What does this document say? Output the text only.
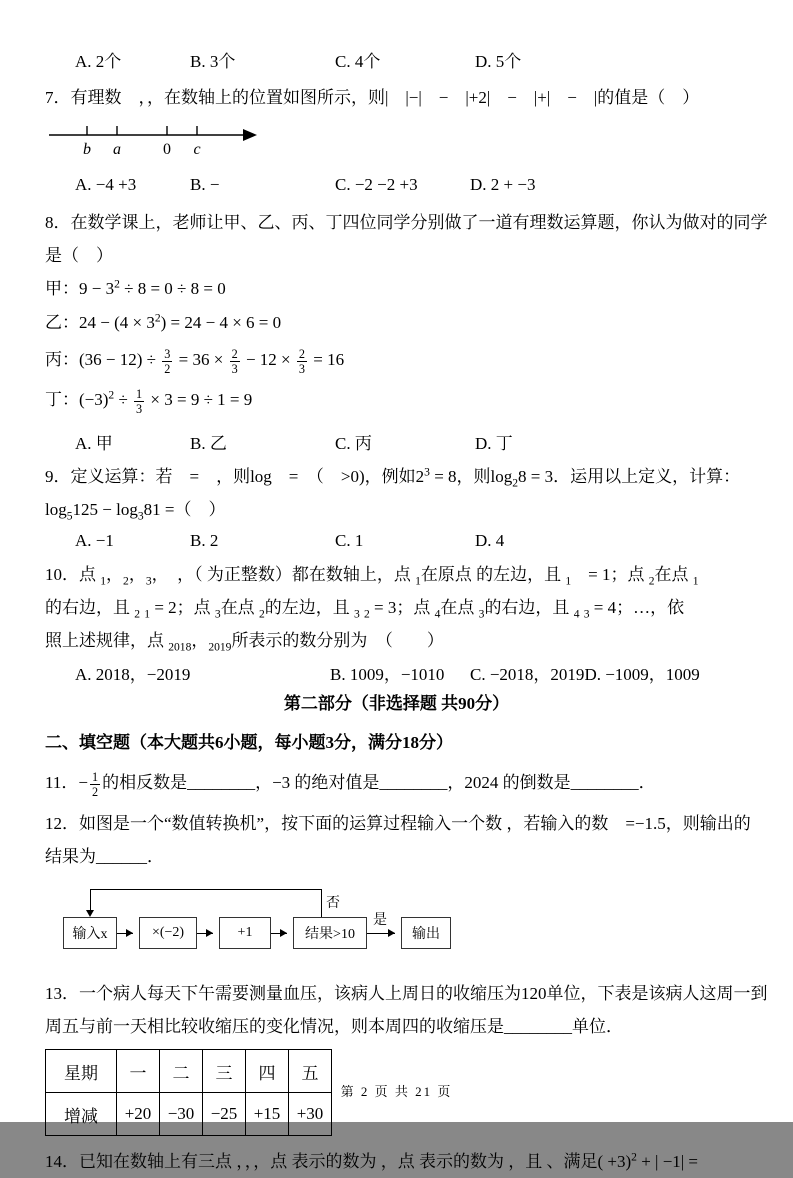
A. 2个	B. 3个	C. 4个	D. 5个
7．有理数　，，在数轴上的位置如图所示，则|　|−|　−　|+2|　−　|+|　−　|的值是（　）
b a	0 c
A. −4 +3	B. −	C. −2 −2 +3	D. 2 + −3
8．在数学课上，老师让甲、乙、丙、丁四位同学分别做了一道有理数运算题，你认为做对的同学
是（　）
甲： $9 - 3^2 \div 8 = 0 \div 8 = 0$
乙： $24 - (4 \times 3^2) = 24 - 4 \times 6 = 0$
丙： $(36 - 12) \div \frac{3}{2} = 36 \times \frac{2}{3} - 12 \times \frac{2}{3} = 16$
丁： $(-3)^2 \div \frac{1}{3} \times 3 = 9 \div 1 = 9$
A. 甲	B. 乙	C. 丙	D. 丁
9．定义运算：若　=　，则log　=　（　>0)，例如$2^3 = 8$，则$\log_28 = 3$．运用以上定义，计算：
$\log_5125 - \log_381$ =（　）
A. −1	B. 2	C. 1	D. 4
10．点 $_1$，$_2$，$_3$，　，（ 为正整数）都在数轴上，点 $_1$在原点 的左边，且 $_1$　= 1；点 $_2$在点 $_1$
的右边，且 $_2$ $_1$ = 2；点 $_3$在点 $_2$的左边，且 $_3$ $_2$ = 3；点 $_4$在点 $_3$的右边，且 $_4$ $_3$ = 4；…，依
照上述规律，点 $_{2018}$，$_{2019}$所表示的数分别为　（　　）
A. 2018，−2019	B. 1009，−1010	C. −2018，2019 D. −1009，1009
第二部分（非选择题 共90分）
二、填空题（本大题共6小题，每小题3分，满分18分）
11．− $\frac{1}{2}$ 的相反数是________，−3 的绝对值是________，2024 的倒数是________．
12．如图是一个“数值转换机”，按下面的运算过程输入一个数 ，若输入的数　=−1.5，则输出的
结果为______．
否
输入x	×(−2)	+1	结果>10	输出
是
13．一个病人每天下午需要测量血压，该病人上周日的收缩压为120单位，下表是该病人这周一到
周五与前一天相比较收缩压的变化情况，则本周四的收缩压是________单位．
星期	一	二	三	四	五
增减	+20	−30	−25	+15	+30
14．已知在数轴上有三点 ，，，点 表示的数为 ，点 表示的数为 ，且 、满足( +3)$^2$ + | −1| =
第 2 页 共 21 页
